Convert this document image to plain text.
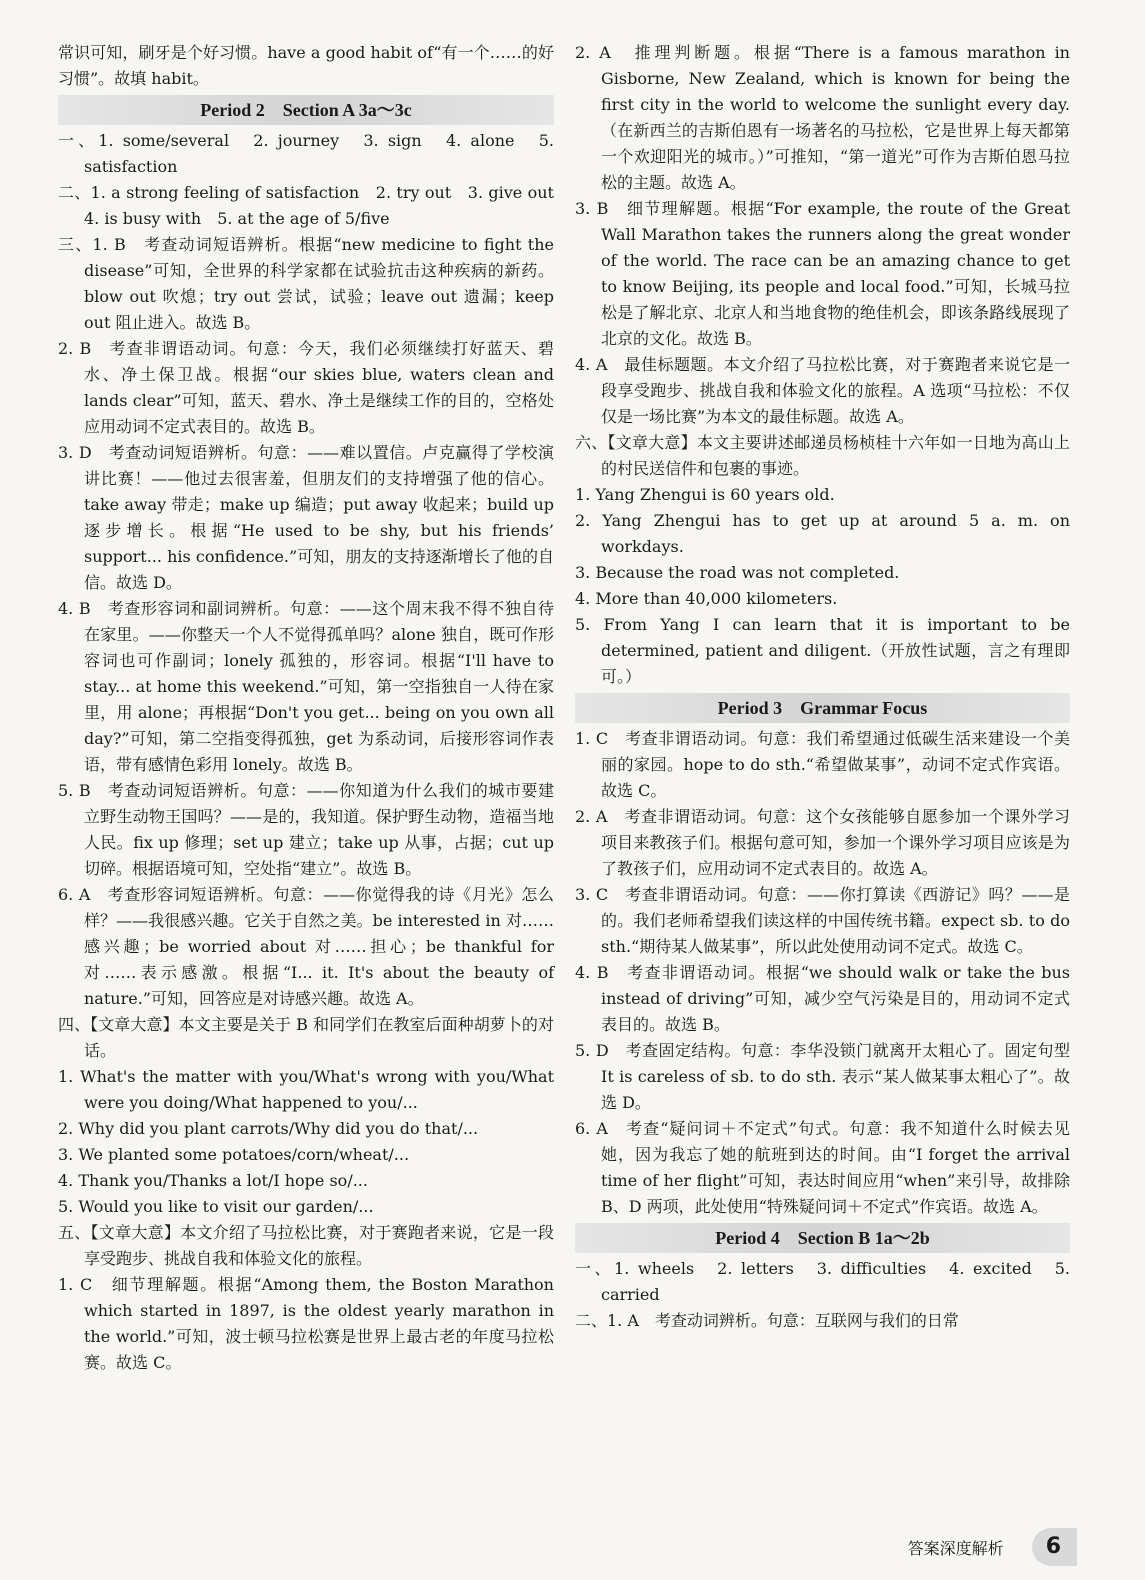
常识可知，刷牙是个好习惯。have a good habit of“有一个……的好习惯”。故填 habit。

Period 2　Section A 3a～3c

一、1. some/several　2. journey　3. sign　4. alone　5. satisfaction

二、1. a strong feeling of satisfaction　2. try out　3. give out　4. is busy with　5. at the age of 5/five

三、1. B　考查动词短语辨析。根据“new medicine to fight the disease”可知，全世界的科学家都在试验抗击这种疾病的新药。blow out 吹熄；try out 尝试，试验；leave out 遗漏；keep out 阻止进入。故选 B。

2. B　考查非谓语动词。句意：今天，我们必须继续打好蓝天、碧水、净土保卫战。根据“our skies blue, waters clean and lands clear”可知，蓝天、碧水、净土是继续工作的目的，空格处应用动词不定式表目的。故选 B。

3. D　考查动词短语辨析。句意：——难以置信。卢克赢得了学校演讲比赛！——他过去很害羞，但朋友们的支持增强了他的信心。take away 带走；make up 编造；put away 收起来；build up 逐步增长。根据“He used to be shy, but his friends’ support... his confidence.”可知，朋友的支持逐渐增长了他的自信。故选 D。

4. B　考查形容词和副词辨析。句意：——这个周末我不得不独自待在家里。——你整天一个人不觉得孤单吗？alone 独自，既可作形容词也可作副词；lonely 孤独的，形容词。根据“I'll have to stay... at home this weekend.”可知，第一空指独自一人待在家里，用 alone；再根据“Don't you get... being on you own all day?”可知，第二空指变得孤独，get 为系动词，后接形容词作表语，带有感情色彩用 lonely。故选 B。

5. B　考查动词短语辨析。句意：——你知道为什么我们的城市要建立野生动物王国吗？——是的，我知道。保护野生动物，造福当地人民。fix up 修理；set up 建立；take up 从事，占据；cut up 切碎。根据语境可知，空处指“建立”。故选 B。

6. A　考查形容词短语辨析。句意：——你觉得我的诗《月光》怎么样？——我很感兴趣。它关于自然之美。be interested in 对……感兴趣；be worried about 对……担心；be thankful for 对……表示感激。根据“I... it. It's about the beauty of nature.”可知，回答应是对诗感兴趣。故选 A。

四、【文章大意】本文主要是关于 B 和同学们在教室后面种胡萝卜的对话。

1. What's the matter with you/What's wrong with you/What were you doing/What happened to you/...

2. Why did you plant carrots/Why did you do that/...

3. We planted some potatoes/corn/wheat/...

4. Thank you/Thanks a lot/I hope so/...

5. Would you like to visit our garden/...

五、【文章大意】本文介绍了马拉松比赛，对于赛跑者来说，它是一段享受跑步、挑战自我和体验文化的旅程。

1. C　细节理解题。根据“Among them, the Boston Marathon which started in 1897, is the oldest yearly marathon in the world.”可知，波士顿马拉松赛是世界上最古老的年度马拉松赛。故选 C。

2. A　推理判断题。根据“There is a famous marathon in Gisborne, New Zealand, which is known for being the first city in the world to welcome the sunlight every day.（在新西兰的吉斯伯恩有一场著名的马拉松，它是世界上每天都第一个欢迎阳光的城市。）”可推知，“第一道光”可作为吉斯伯恩马拉松的主题。故选 A。

3. B　细节理解题。根据“For example, the route of the Great Wall Marathon takes the runners along the great wonder of the world. The race can be an amazing chance to get to know Beijing, its people and local food.”可知，长城马拉松是了解北京、北京人和当地食物的绝佳机会，即该条路线展现了北京的文化。故选 B。

4. A　最佳标题题。本文介绍了马拉松比赛，对于赛跑者来说它是一段享受跑步、挑战自我和体验文化的旅程。A 选项“马拉松：不仅仅是一场比赛”为本文的最佳标题。故选 A。

六、【文章大意】本文主要讲述邮递员杨桢桂十六年如一日地为高山上的村民送信件和包裹的事迹。

1. Yang Zhengui is 60 years old.

2. Yang Zhengui has to get up at around 5 a. m. on workdays.

3. Because the road was not completed.

4. More than 40,000 kilometers.

5. From Yang I can learn that it is important to be determined, patient and diligent.（开放性试题，言之有理即可。）

Period 3　Grammar Focus

1. C　考查非谓语动词。句意：我们希望通过低碳生活来建设一个美丽的家园。hope to do sth.“希望做某事”，动词不定式作宾语。故选 C。

2. A　考查非谓语动词。句意：这个女孩能够自愿参加一个课外学习项目来教孩子们。根据句意可知，参加一个课外学习项目应该是为了教孩子们，应用动词不定式表目的。故选 A。

3. C　考查非谓语动词。句意：——你打算读《西游记》吗？——是的。我们老师希望我们读这样的中国传统书籍。expect sb. to do sth.“期待某人做某事”，所以此处使用动词不定式。故选 C。

4. B　考查非谓语动词。根据“we should walk or take the bus instead of driving”可知，减少空气污染是目的，用动词不定式表目的。故选 B。

5. D　考查固定结构。句意：李华没锁门就离开太粗心了。固定句型 It is careless of sb. to do sth. 表示“某人做某事太粗心了”。故选 D。

6. A　考查“疑问词＋不定式”句式。句意：我不知道什么时候去见她，因为我忘了她的航班到达的时间。由“I forget the arrival time of her flight”可知，表达时间应用“when”来引导，故排除 B、D 两项，此处使用“特殊疑问词＋不定式”作宾语。故选 A。

Period 4　Section B 1a～2b

一、1. wheels　2. letters　3. difficulties　4. excited　5. carried

二、1. A　考查动词辨析。句意：互联网与我们的日常

答案深度解析	6
